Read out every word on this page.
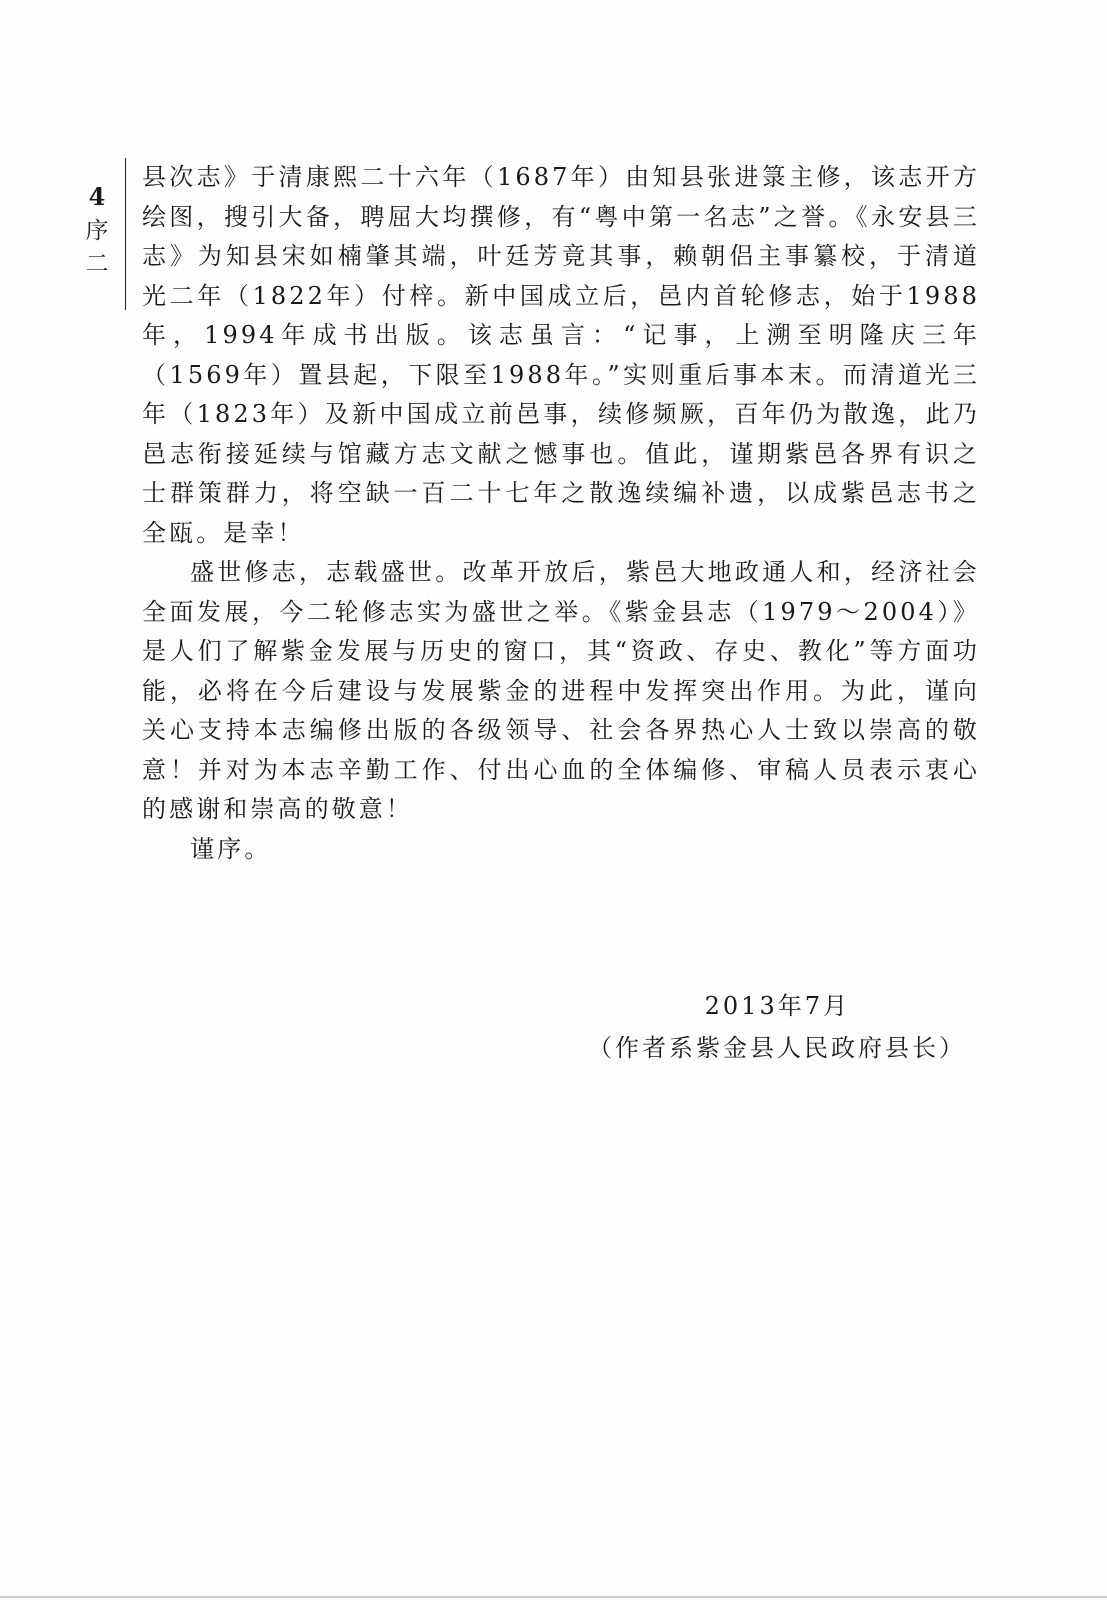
4
序
二

县次志》于清康熙二十六年（1687年）由知县张进箓主修，该志开方绘图，搜引大备，聘屈大均撰修，有“粤中第一名志”之誉。《永安县三志》为知县宋如楠肇其端，叶廷芳竟其事，赖朝侣主事纂校，于清道光二年（1822年）付梓。新中国成立后，邑内首轮修志，始于1988年，1994年成书出版。该志虽言：“记事，上溯至明隆庆三年（1569年）置县起，下限至1988年。”实则重后事本末。而清道光三年（1823年）及新中国成立前邑事，续修频厥，百年仍为散逸，此乃邑志衔接延续与馆藏方志文献之憾事也。值此，谨期紫邑各界有识之士群策群力，将空缺一百二十七年之散逸续编补遗，以成紫邑志书之全瓯。是幸！

盛世修志，志载盛世。改革开放后，紫邑大地政通人和，经济社会全面发展，今二轮修志实为盛世之举。《紫金县志（1979～2004）》是人们了解紫金发展与历史的窗口，其“资政、存史、教化”等方面功能，必将在今后建设与发展紫金的进程中发挥突出作用。为此，谨向关心支持本志编修出版的各级领导、社会各界热心人士致以崇高的敬意！并对为本志辛勤工作、付出心血的全体编修、审稿人员表示衷心的感谢和崇高的敬意！

谨序。

2013年7月
（作者系紫金县人民政府县长）
